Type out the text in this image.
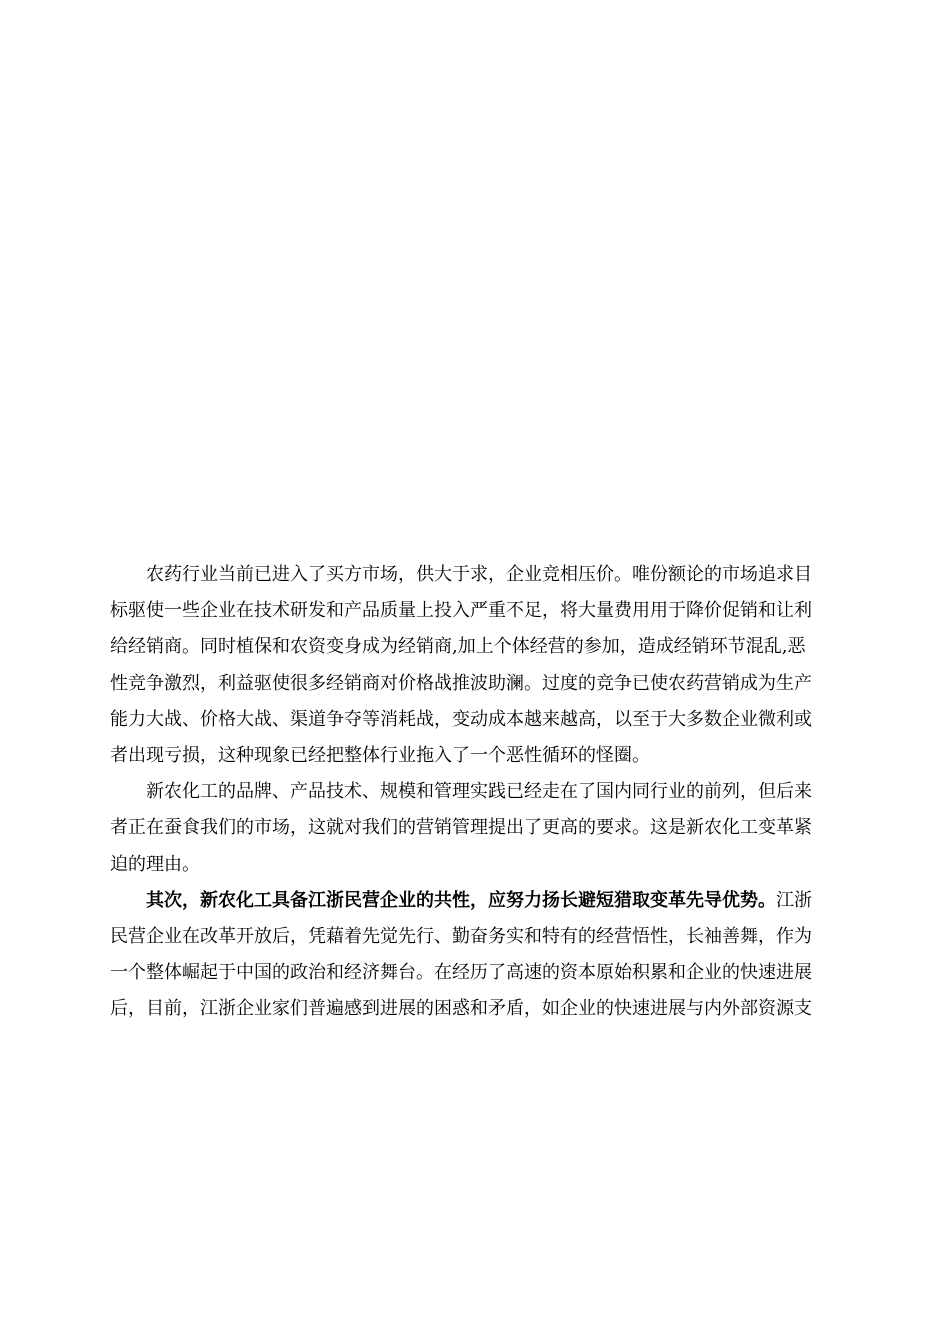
农药行业当前已进入了买方市场，供大于求，企业竞相压价。唯份额论的市场追求目
标驱使一些企业在技术研发和产品质量上投入严重不足，将大量费用用于降价促销和让利
给经销商。同时植保和农资变身成为经销商,加上个体经营的参加，造成经销环节混乱,恶
性竞争激烈，利益驱使很多经销商对价格战推波助澜。过度的竞争已使农药营销成为生产
能力大战、价格大战、渠道争夺等消耗战，变动成本越来越高，以至于大多数企业微利或
者出现亏损，这种现象已经把整体行业拖入了一个恶性循环的怪圈。

新农化工的品牌、产品技术、规模和管理实践已经走在了国内同行业的前列，但后来
者正在蚕食我们的市场，这就对我们的营销管理提出了更高的要求。这是新农化工变革紧
迫的理由。

其次，新农化工具备江浙民营企业的共性，应努力扬长避短猎取变革先导优势。江浙
民营企业在改革开放后，凭藉着先觉先行、勤奋务实和特有的经营悟性，长袖善舞，作为
一个整体崛起于中国的政治和经济舞台。在经历了高速的资本原始积累和企业的快速进展
后，目前，江浙企业家们普遍感到进展的困惑和矛盾，如企业的快速进展与内外部资源支
